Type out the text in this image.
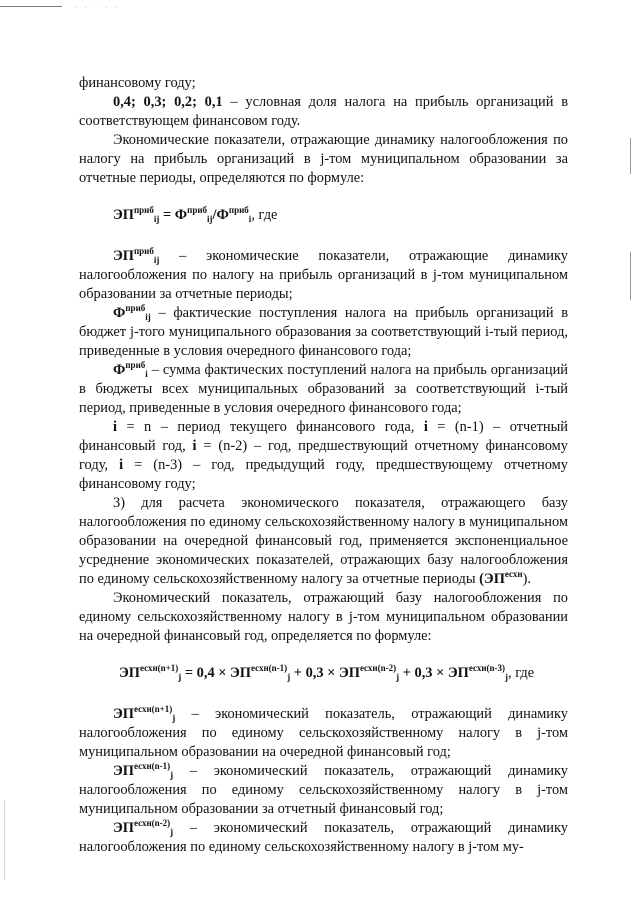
· · · · ·

финансовому году;

0,4; 0,3; 0,2; 0,1 – условная доля налога на прибыль организаций в соответствующем финансовом году.

Экономические показатели, отражающие динамику налогообложения по налогу на прибыль организаций в j-том муниципальном образовании за отчетные периоды, определяются по формуле:

$ЭП^{приб}_{ij} = Ф^{приб}_{ij}/Ф^{приб}_i$, где

$ЭП^{приб}_{ij}$ – экономические показатели, отражающие динамику налогообложения по налогу на прибыль организаций в j-том муниципальном образовании за отчетные периоды;

$Ф^{приб}_{ij}$ – фактические поступления налога на прибыль организаций в бюджет j-того муниципального образования за соответствующий i-тый период, приведенные в условия очередного финансового года;

$Ф^{приб}_i$ – сумма фактических поступлений налога на прибыль организаций в бюджеты всех муниципальных образований за соответствующий i-тый период, приведенные в условия очередного финансового года;

i = n – период текущего финансового года, i = (n-1) – отчетный финансовый год, i = (n-2) – год, предшествующий отчетному финансовому году, i = (n-3) – год, предыдущий году, предшествующему отчетному финансовому году;

3) для расчета экономического показателя, отражающего базу налогообложения по единому сельскохозяйственному налогу в муниципальном образовании на очередной финансовый год, применяется экспоненциальное усреднение экономических показателей, отражающих базу налогообложения по единому сельскохозяйственному налогу за отчетные периоды $(ЭП^{есхн})$.

Экономический показатель, отражающий базу налогообложения по единому сельскохозяйственному налогу в j-том муниципальном образовании на очередной финансовый год, определяется по формуле:

$ЭП^{есхн(n+1)}_j = 0,4 \times ЭП^{есхн(n-1)}_j + 0,3 \times ЭП^{есхн(n-2)}_j + 0,3 \times ЭП^{есхн(n-3)}_j$, где

$ЭП^{есхн(n+1)}_j$ – экономический показатель, отражающий динамику налогообложения по единому сельскохозяйственному налогу в j-том муниципальном образовании на очередной финансовый год;

$ЭП^{есхн(n-1)}_j$ – экономический показатель, отражающий динамику налогообложения по единому сельскохозяйственному налогу в j-том муниципальном образовании за отчетный финансовый год;

$ЭП^{есхн(n-2)}_j$ – экономический показатель, отражающий динамику налогообложения по единому сельскохозяйственному налогу в j-том му-
